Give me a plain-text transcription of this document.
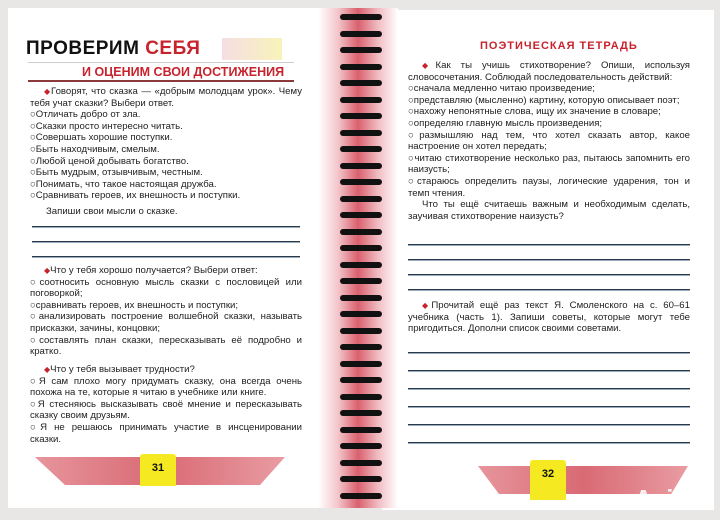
ПРОВЕРИМ СЕБЯ
И ОЦЕНИМ СВОИ ДОСТИЖЕНИЯ
◆ Говорят, что сказка — «добрым молодцам урок». Чему тебя учат сказки? Выбери ответ.
○ Отличать добро от зла.
○ Сказки просто интересно читать.
○ Совершать хорошие поступки.
○ Быть находчивым, смелым.
○ Любой ценой добывать богатство.
○ Быть мудрым, отзывчивым, честным.
○ Понимать, что такое настоящая дружба.
○ Сравнивать героев, их внешность и поступки.
Запиши свои мысли о сказке.
◆ Что у тебя хорошо получается? Выбери ответ:
○ соотносить основную мысль сказки с пословицей или поговоркой;
○ сравнивать героев, их внешность и поступки;
○ анализировать построение волшебной сказки, называть присказки, зачины, концовки;
○ составлять план сказки, пересказывать её подробно и кратко.
◆ Что у тебя вызывает трудности?
○ Я сам плохо могу придумать сказку, она всегда очень похожа на те, которые я читаю в учебнике или книге.
○ Я стесняюсь высказывать своё мнение и пересказывать сказку своим друзьям.
○ Я не решаюсь принимать участие в инсценировании сказки.
31
ПОЭТИЧЕСКАЯ ТЕТРАДЬ
◆ Как ты учишь стихотворение? Опиши, используя словосочетания. Соблюдай последовательность действий:
○ сначала медленно читаю произведение;
○ представляю (мысленно) картину, которую описывает поэт;
○ нахожу непонятные слова, ищу их значение в словаре;
○ определяю главную мысль произведения;
○ размышляю над тем, что хотел сказать автор, какое настроение он хотел передать;
○ читаю стихотворение несколько раз, пытаюсь запомнить его наизусть;
○ стараюсь определить паузы, логические ударения, тон и темп чтения.
Что ты ещё считаешь важным и необходимым сделать, заучивая стихотворение наизусть?
◆ Прочитай ещё раз текст Я. Смоленского на с. 60–61 учебника (часть 1). Запиши советы, которые могут тебе пригодиться. Дополни список своими советами.
32
● Avito
